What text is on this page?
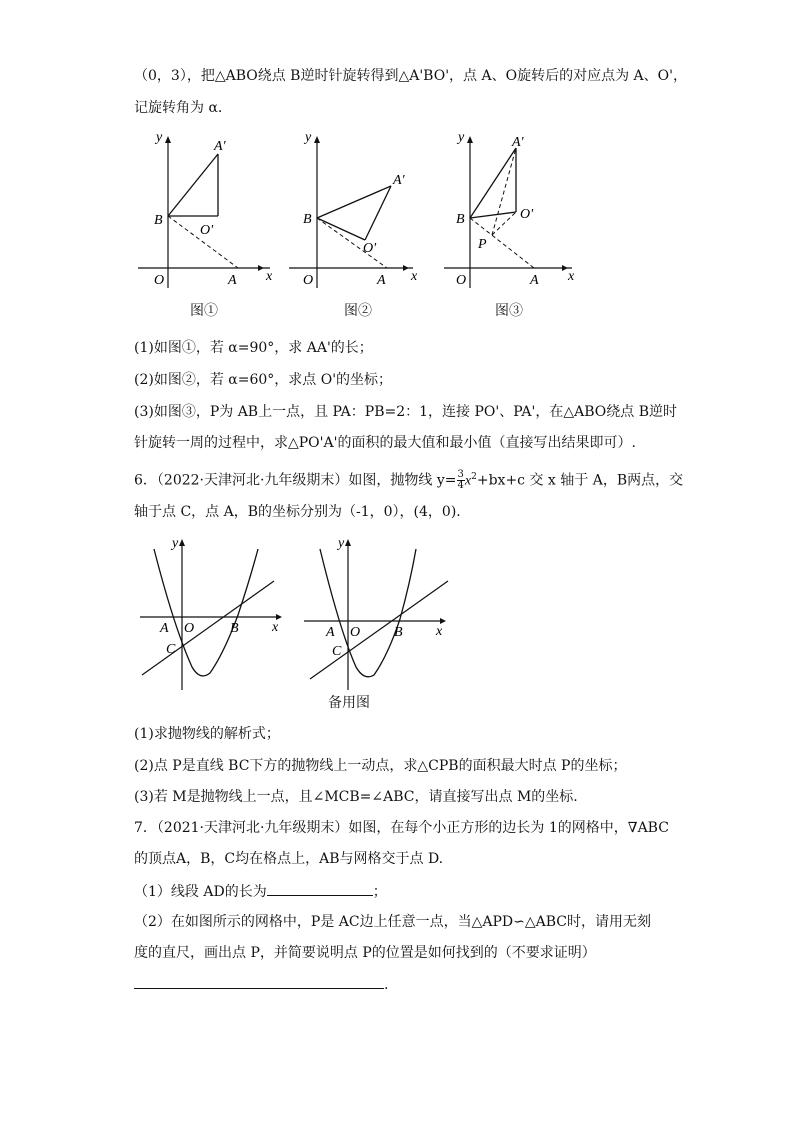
（0，3），把△ABO绕点 B逆时针旋转得到△A'BO'，点 A、O旋转后的对应点为 A、O'，
记旋转角为 α.
y
x
O	A
B
A'
O'
图①
y
x
O	A
B
A'
O'
图②
y
x
O	A
B
A'
O'
P
图③
(1)如图①，若 α=90°，求 AA'的长；
(2)如图②，若 α=60°，求点 O'的坐标；
(3)如图③，P为 AB上一点，且 PA：PB=2：1，连接 PO'、PA'，在△ABO绕点 B逆时
针旋转一周的过程中，求△PO'A'的面积的最大值和最小值（直接写出结果即可）.
6．（2022·天津河北·九年级期末）如图，抛物线 $y= \frac{3}{4} x^2+bx+c$ 交 x 轴于 A，B两点，交
轴于点 C，点 A，B的坐标分别为（-1，0），(4，0).
y
x
O
A	B
C
y
x
O
A	B
C
备用图
(1)求抛物线的解析式；
(2)点 P是直线 BC下方的抛物线上一动点，求△CPB的面积最大时点 P的坐标；
(3)若 M是抛物线上一点，且∠MCB=∠ABC，请直接写出点 M的坐标.
7．（2021·天津河北·九年级期末）如图，在每个小正方形的边长为 1的网格中，∇ABC
的顶点A，B，C均在格点上，AB与网格交于点 D.
（1）线段 AD的长为	；
（2）在如图所示的网格中，P是 AC边上任意一点，当△APD∽△ABC时，请用无刻
度的直尺，画出点 P，并简要说明点 P的位置是如何找到的（不要求证明）
.
